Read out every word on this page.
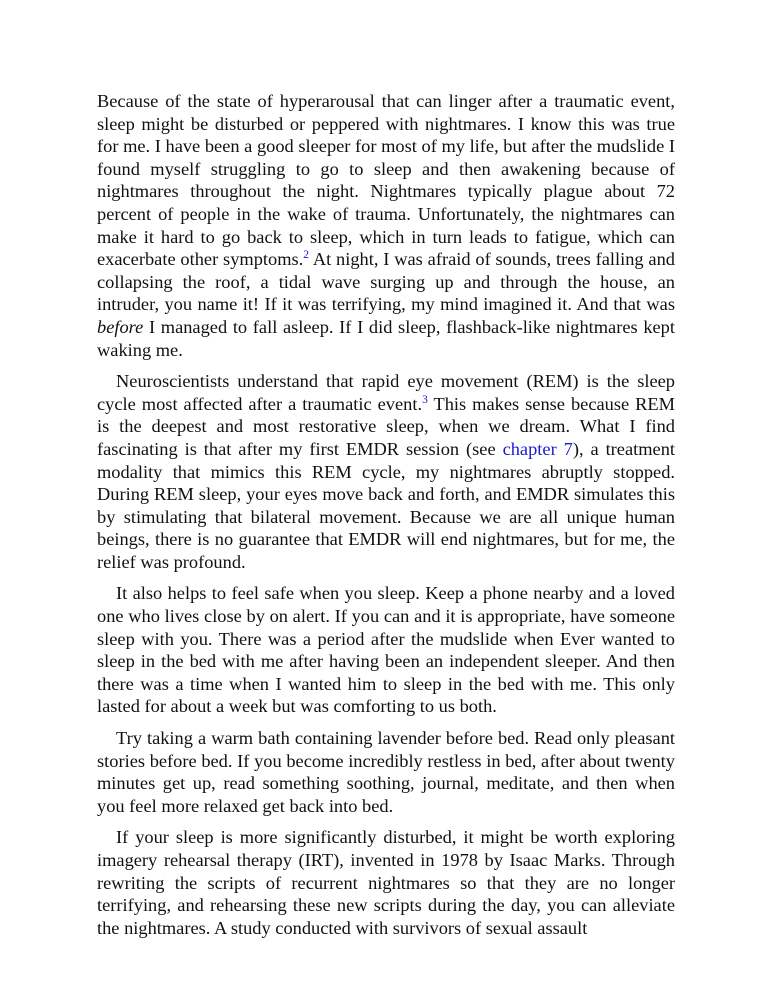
Because of the state of hyperarousal that can linger after a traumatic event, sleep might be disturbed or peppered with nightmares. I know this was true for me. I have been a good sleeper for most of my life, but after the mudslide I found myself struggling to go to sleep and then awakening because of nightmares throughout the night. Nightmares typically plague about 72 percent of people in the wake of trauma. Unfortunately, the nightmares can make it hard to go back to sleep, which in turn leads to fatigue, which can exacerbate other symptoms.$^2$ At night, I was afraid of sounds, trees falling and collapsing the roof, a tidal wave surging up and through the house, an intruder, you name it! If it was terrifying, my mind imagined it. And that was before I managed to fall asleep. If I did sleep, flashback-like nightmares kept waking me.

Neuroscientists understand that rapid eye movement (REM) is the sleep cycle most affected after a traumatic event.$^3$ This makes sense because REM is the deepest and most restorative sleep, when we dream. What I find fascinating is that after my first EMDR session (see chapter 7), a treatment modality that mimics this REM cycle, my nightmares abruptly stopped. During REM sleep, your eyes move back and forth, and EMDR simulates this by stimulating that bilateral movement. Because we are all unique human beings, there is no guarantee that EMDR will end nightmares, but for me, the relief was profound.

It also helps to feel safe when you sleep. Keep a phone nearby and a loved one who lives close by on alert. If you can and it is appropriate, have someone sleep with you. There was a period after the mudslide when Ever wanted to sleep in the bed with me after having been an independent sleeper. And then there was a time when I wanted him to sleep in the bed with me. This only lasted for about a week but was comforting to us both.

Try taking a warm bath containing lavender before bed. Read only pleasant stories before bed. If you become incredibly restless in bed, after about twenty minutes get up, read something soothing, journal, meditate, and then when you feel more relaxed get back into bed.

If your sleep is more significantly disturbed, it might be worth exploring imagery rehearsal therapy (IRT), invented in 1978 by Isaac Marks. Through rewriting the scripts of recurrent nightmares so that they are no longer terrifying, and rehearsing these new scripts during the day, you can alleviate the nightmares. A study conducted with survivors of sexual assault
